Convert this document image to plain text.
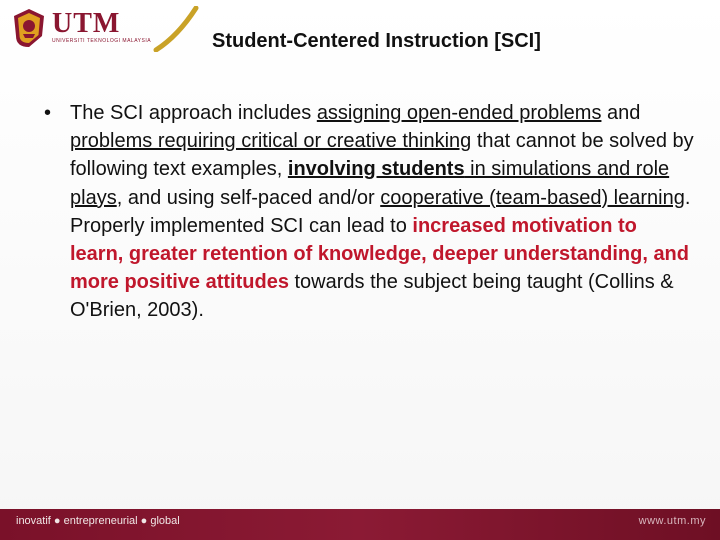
UTM
UNIVERSITI TEKNOLOGI MALAYSIA	Student-Centered Instruction [SCI]
• The SCI approach includes assigning open-ended problems and problems requiring critical or creative thinking that cannot be solved by following text examples, involving students in simulations and role plays, and using self-paced and/or cooperative (team-based) learning. Properly implemented SCI can lead to increased motivation to learn, greater retention of knowledge, deeper understanding, and more positive attitudes towards the subject being taught (Collins & O'Brien, 2003).
inovatif ● entrepreneurial ● global	www.utm.my
